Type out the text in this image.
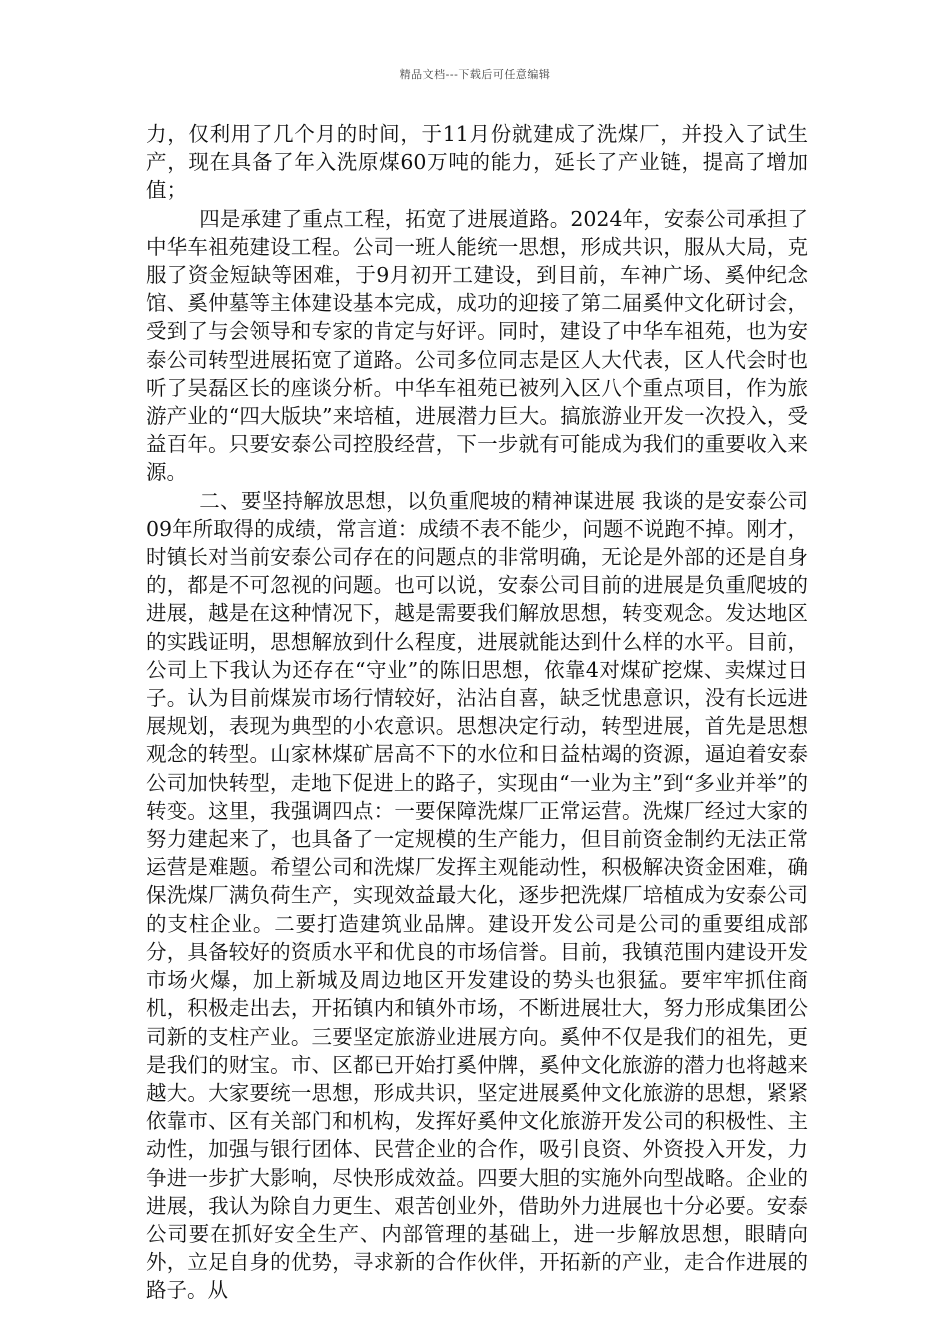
精品文档---下载后可任意编辑

力，仅利用了几个月的时间，于11月份就建成了洗煤厂，并投入了试生产，现在具备了年入洗原煤60万吨的能力，延长了产业链，提高了增加值；

四是承建了重点工程，拓宽了进展道路。2024年，安泰公司承担了中华车祖苑建设工程。公司一班人能统一思想，形成共识，服从大局，克服了资金短缺等困难，于9月初开工建设，到目前，车神广场、奚仲纪念馆、奚仲墓等主体建设基本完成，成功的迎接了第二届奚仲文化研讨会，受到了与会领导和专家的肯定与好评。同时，建设了中华车祖苑，也为安泰公司转型进展拓宽了道路。公司多位同志是区人大代表，区人代会时也听了吴磊区长的座谈分析。中华车祖苑已被列入区八个重点项目，作为旅游产业的“四大版块”来培植，进展潜力巨大。搞旅游业开发一次投入，受益百年。只要安泰公司控股经营，下一步就有可能成为我们的重要收入来源。

二、要坚持解放思想，以负重爬坡的精神谋进展 我谈的是安泰公司09年所取得的成绩，常言道：成绩不表不能少，问题不说跑不掉。刚才，时镇长对当前安泰公司存在的问题点的非常明确，无论是外部的还是自身的，都是不可忽视的问题。也可以说，安泰公司目前的进展是负重爬坡的进展，越是在这种情况下，越是需要我们解放思想，转变观念。发达地区的实践证明，思想解放到什么程度，进展就能达到什么样的水平。目前，公司上下我认为还存在“守业”的陈旧思想，依靠4对煤矿挖煤、卖煤过日子。认为目前煤炭市场行情较好，沾沾自喜，缺乏忧患意识，没有长远进展规划，表现为典型的小农意识。思想决定行动，转型进展，首先是思想观念的转型。山家林煤矿居高不下的水位和日益枯竭的资源，逼迫着安泰公司加快转型，走地下促进上的路子，实现由“一业为主”到“多业并举”的转变。这里，我强调四点：一要保障洗煤厂正常运营。洗煤厂经过大家的努力建起来了，也具备了一定规模的生产能力，但目前资金制约无法正常运营是难题。希望公司和洗煤厂发挥主观能动性，积极解决资金困难，确保洗煤厂满负荷生产，实现效益最大化，逐步把洗煤厂培植成为安泰公司的支柱企业。二要打造建筑业品牌。建设开发公司是公司的重要组成部分，具备较好的资质水平和优良的市场信誉。目前，我镇范围内建设开发市场火爆，加上新城及周边地区开发建设的势头也狠猛。要牢牢抓住商机，积极走出去，开拓镇内和镇外市场，不断进展壮大，努力形成集团公司新的支柱产业。三要坚定旅游业进展方向。奚仲不仅是我们的祖先，更是我们的财宝。市、区都已开始打奚仲牌，奚仲文化旅游的潜力也将越来越大。大家要统一思想，形成共识，坚定进展奚仲文化旅游的思想，紧紧依靠市、区有关部门和机构，发挥好奚仲文化旅游开发公司的积极性、主动性，加强与银行团体、民营企业的合作，吸引良资、外资投入开发，力争进一步扩大影响，尽快形成效益。四要大胆的实施外向型战略。企业的进展，我认为除自力更生、艰苦创业外，借助外力进展也十分必要。安泰公司要在抓好安全生产、内部管理的基础上，进一步解放思想，眼睛向外，立足自身的优势，寻求新的合作伙伴，开拓新的产业，走合作进展的路子。从
